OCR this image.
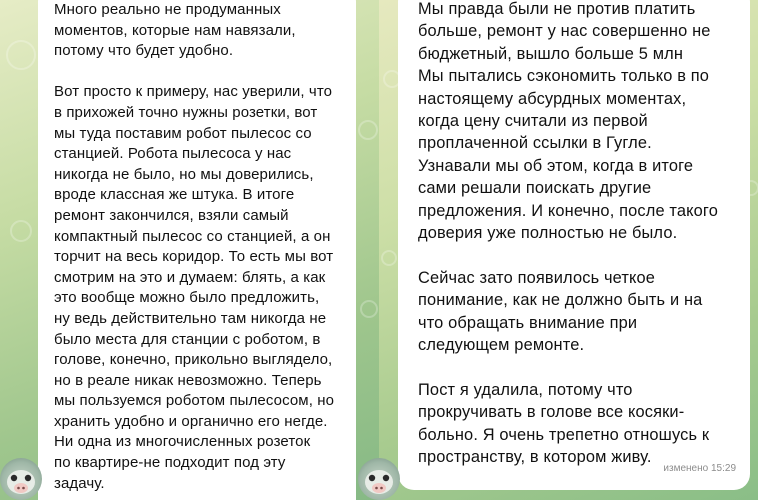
Много реально не продуманных
моментов, которые нам навязали,
потому что будет удобно.

Вот просто к примеру, нас уверили, что
в прихожей точно нужны розетки, вот
мы туда поставим робот пылесос со
станцией. Робота пылесоса у нас
никогда не было, но мы доверились,
вроде классная же штука. В итоге
ремонт закончился, взяли самый
компактный пылесос со станцией, а он
торчит на весь коридор. То есть мы вот
смотрим на это и думаем: блять, а как
это вообще можно было предложить,
ну ведь действительно там никогда не
было места для станции с роботом, в
голове, конечно, прикольно выглядело,
но в реале никак невозможно. Теперь
мы пользуемся роботом пылесосом, но
хранить удобно и органично его негде.
Ни одна из многочисленных розеток
по квартире-не подходит под эту
задачу.

Мы правда были не против платить
больше, ремонт у нас совершенно не
бюджетный, вышло больше 5 млн
Мы пытались сэкономить только в по
настоящему абсурдных моментах,
когда цену считали из первой
проплаченной ссылки в Гугле.
Узнавали мы об этом, когда в итоге
сами решали поискать другие
предложения. И конечно, после такого
доверия уже полностью не было.

Сейчас зато появилось четкое
понимание, как не должно быть и на
что обращать внимание при
следующем ремонте.

Пост я удалила, потому что
прокручивать в голове все косяки-
больно. Я очень трепетно отношусь к
пространству, в котором живу.

изменено 15:29
